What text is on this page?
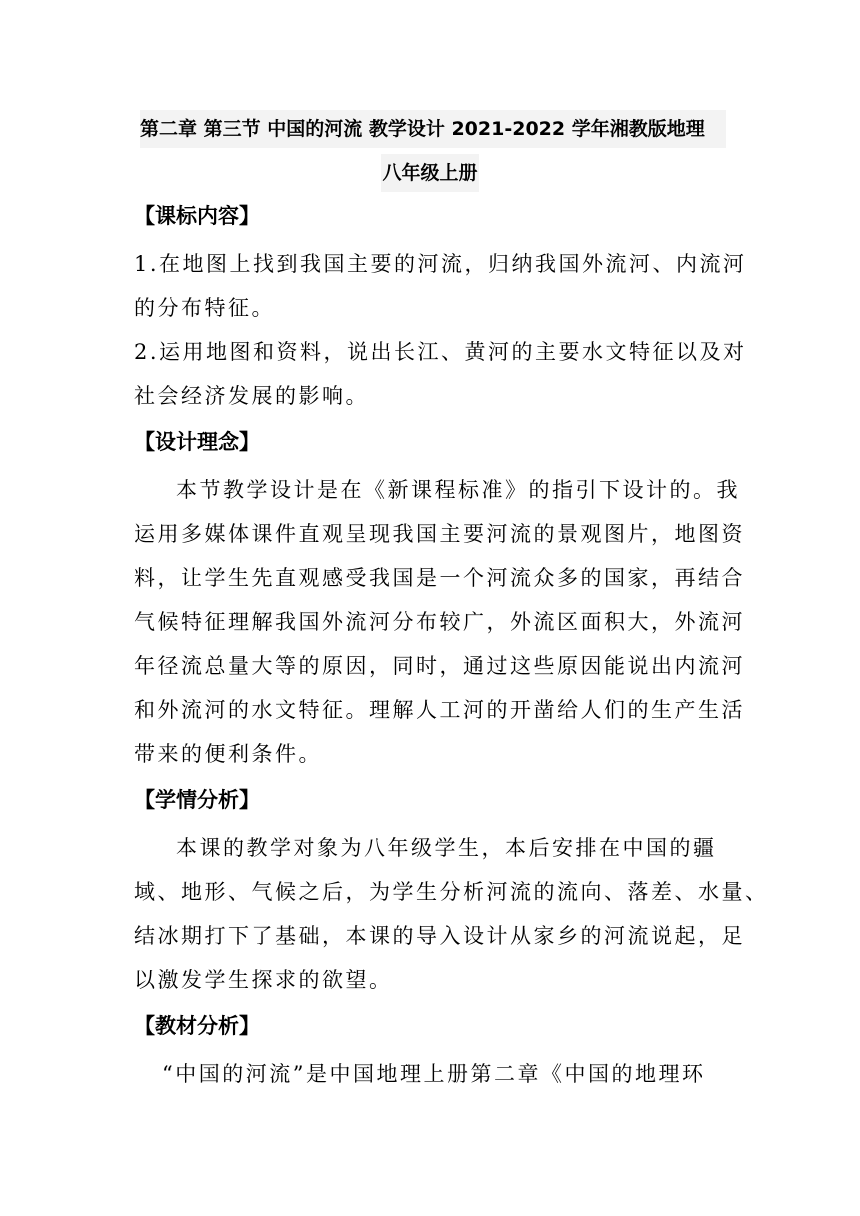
第二章 第三节 中国的河流 教学设计 2021-2022 学年湘教版地理
八年级上册
【课标内容】
1.在地图上找到我国主要的河流，归纳我国外流河、内流河
的分布特征。
2.运用地图和资料，说出长江、黄河的主要水文特征以及对
社会经济发展的影响。
【设计理念】
本节教学设计是在《新课程标准》的指引下设计的。我
运用多媒体课件直观呈现我国主要河流的景观图片，地图资
料，让学生先直观感受我国是一个河流众多的国家，再结合
气候特征理解我国外流河分布较广，外流区面积大，外流河
年径流总量大等的原因，同时，通过这些原因能说出内流河
和外流河的水文特征。理解人工河的开凿给人们的生产生活
带来的便利条件。
【学情分析】
本课的教学对象为八年级学生，本后安排在中国的疆
域、地形、气候之后，为学生分析河流的流向、落差、水量、
结冰期打下了基础，本课的导入设计从家乡的河流说起，足
以激发学生探求的欲望。
【教材分析】
“中国的河流”是中国地理上册第二章《中国的地理环
